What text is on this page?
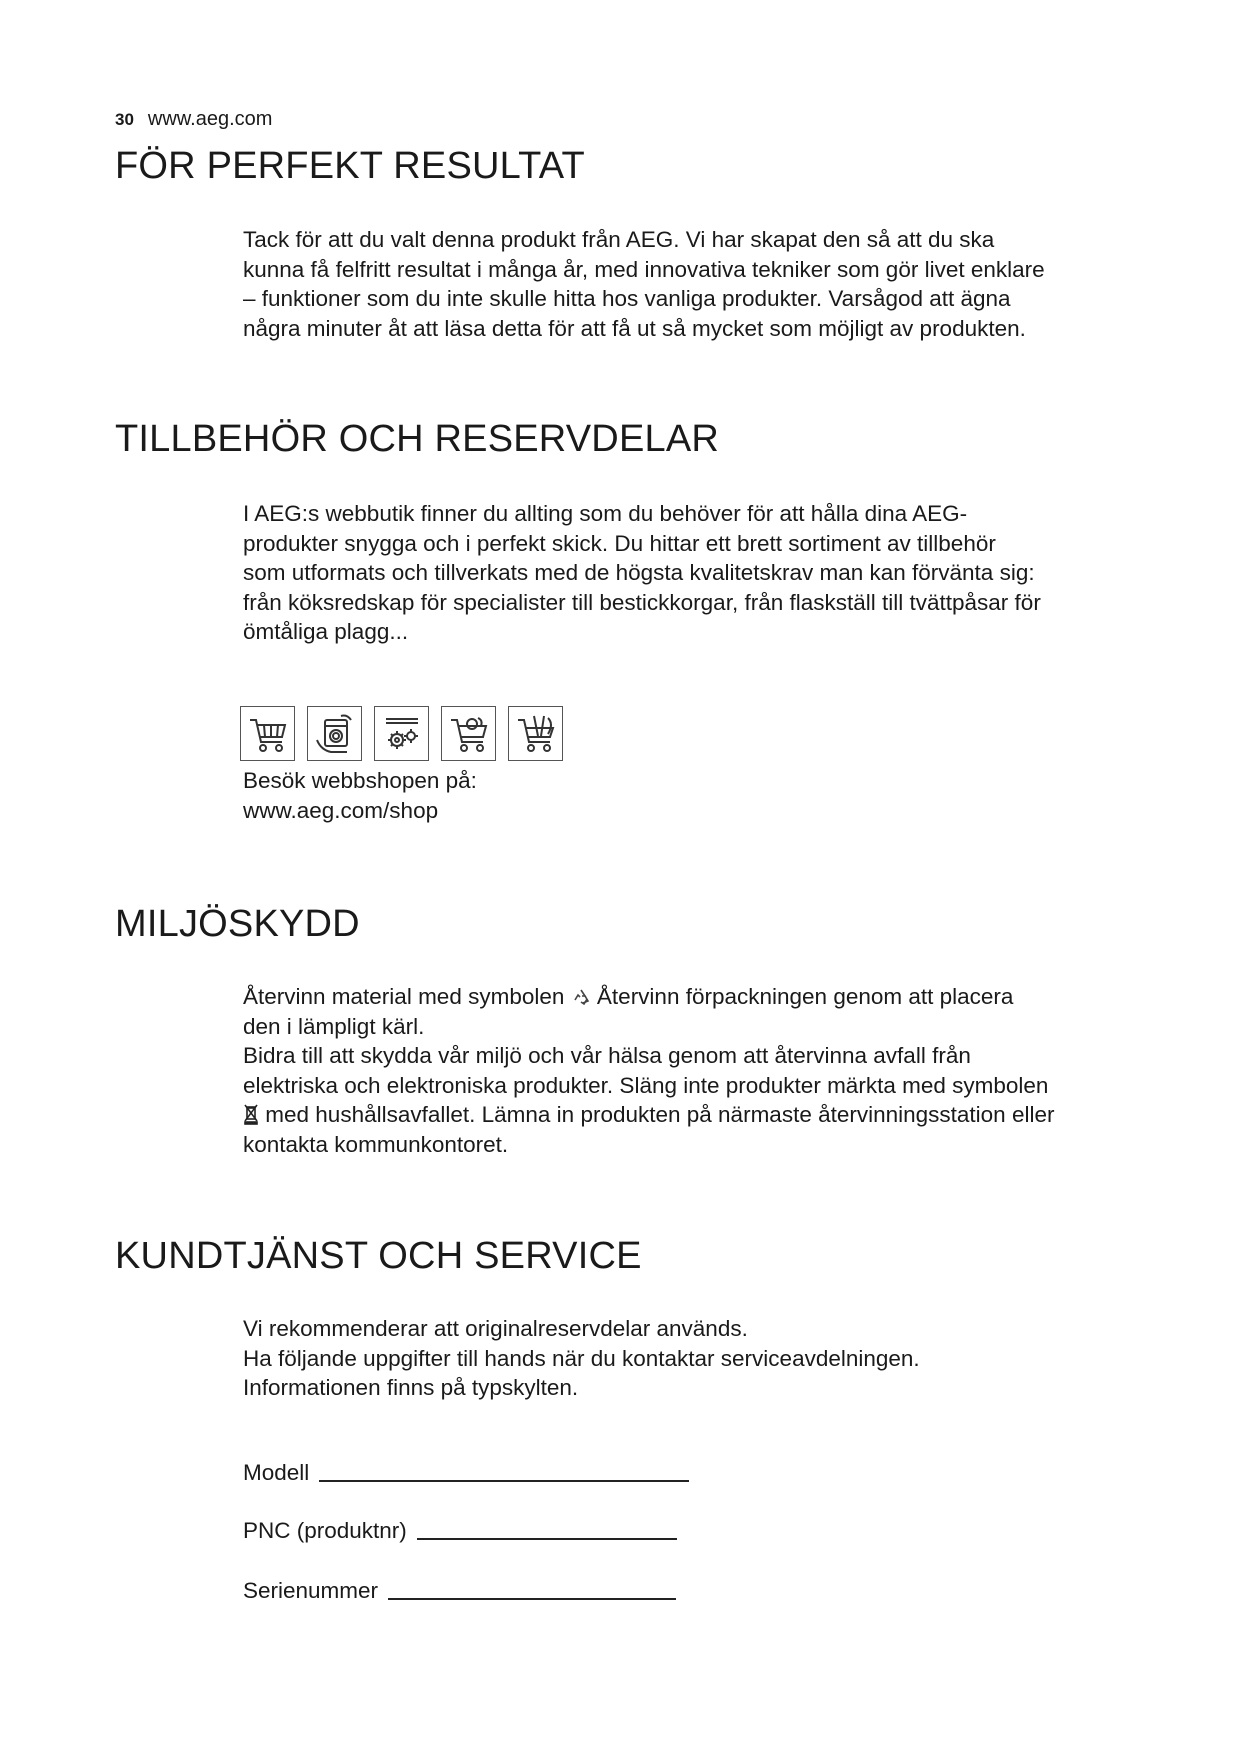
30 www.aeg.com
FÖR PERFEKT RESULTAT

Tack för att du valt denna produkt från AEG. Vi har skapat den så att du ska

kunna få felfritt resultat i många år, med innovativa tekniker som gör livet enklare

– funktioner som du inte skulle hitta hos vanliga produkter. Varsågod att ägna

några minuter åt att läsa detta för att få ut så mycket som möjligt av produkten.

TILLBEHÖR OCH RESERVDELAR

I AEG:s webbutik finner du allting som du behöver för att hålla dina AEG-

produkter snygga och i perfekt skick. Du hittar ett brett sortiment av tillbehör

som utformats och tillverkats med de högsta kvalitetskrav man kan förvänta sig:

från köksredskap för specialister till bestickkorgar, från flaskställ till tvättpåsar för

ömtåliga plagg...

Besök webbshopen på:

www.aeg.com/shop

MILJÖSKYDD

Återvinn material med symbolen Återvinn förpackningen genom att placera

den i lämpligt kärl.

Bidra till att skydda vår miljö och vår hälsa genom att återvinna avfall från

elektriska och elektroniska produkter. Släng inte produkter märkta med symbolen

med hushållsavfallet. Lämna in produkten på närmaste återvinningsstation eller

kontakta kommunkontoret.

KUNDTJÄNST OCH SERVICE

Vi rekommenderar att originalreservdelar används.

Ha följande uppgifter till hands när du kontaktar serviceavdelningen.

Informationen finns på typskylten.

Modell
PNC (produktnr)
Serienummer
